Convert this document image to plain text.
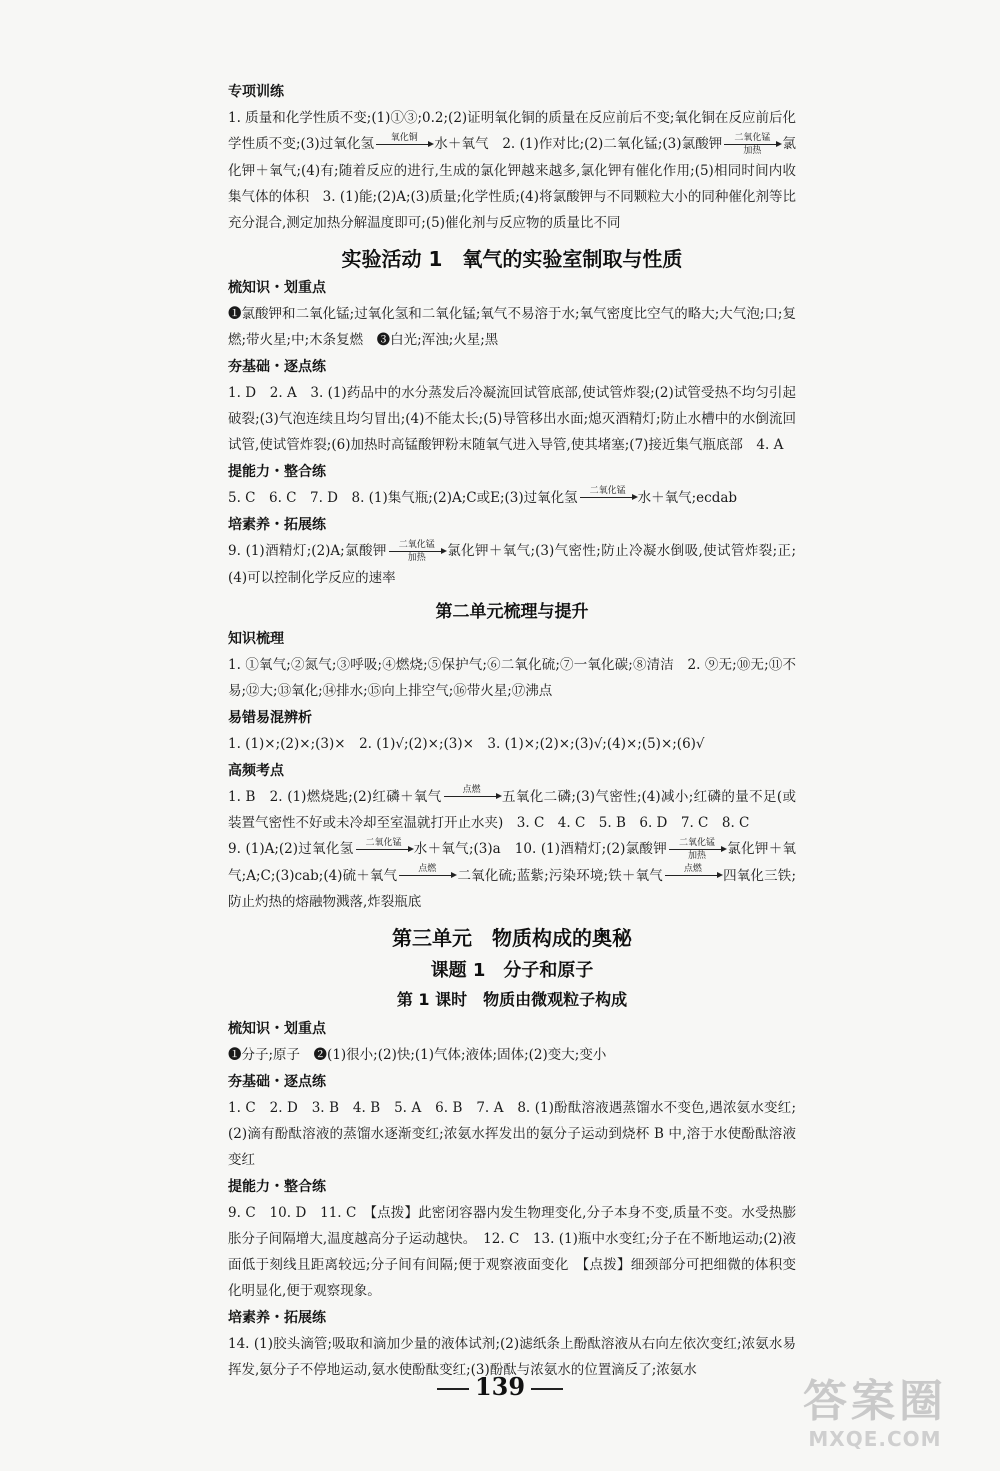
专项训练

1. 质量和化学性质不变;(1)①③;0.2;(2)证明氧化铜的质量在反应前后不变;氧化铜在反应前后化学性质不变;(3)过氧化氢	氧化铜	水＋氧气　2. (1)作对比;(2)二氧化锰;(3)氯酸钾	二氧化锰
加热	氯化钾＋氧气;(4)有;随着反应的进行,生成的氯化钾越来越多,氯化钾有催化作用;(5)相同时间内收集气体的体积　3. (1)能;(2)A;(3)质量;化学性质;(4)将氯酸钾与不同颗粒大小的同种催化剂等比充分混合,测定加热分解温度即可;(5)催化剂与反应物的质量比不同

实验活动 1　氧气的实验室制取与性质
梳知识・划重点

❶氯酸钾和二氧化锰;过氧化氢和二氧化锰;氧气不易溶于水;氧气密度比空气的略大;大气泡;口;复燃;带火星;中;木条复燃　❸白光;浑浊;火星;黑

夯基础・逐点练

1. D　2. A　3. (1)药品中的水分蒸发后冷凝流回试管底部,使试管炸裂;(2)试管受热不均匀引起破裂;(3)气泡连续且均匀冒出;(4)不能太长;(5)导管移出水面;熄灭酒精灯;防止水槽中的水倒流回试管,使试管炸裂;(6)加热时高锰酸钾粉末随氧气进入导管,使其堵塞;(7)接近集气瓶底部　4. A

提能力・整合练

5. C　6. C　7. D　8. (1)集气瓶;(2)A;C或E;(3)过氧化氢	二氧化锰 水＋氧气;ecdab

培素养・拓展练

9. (1)酒精灯;(2)A;氯酸钾	二氧化锰
加热	氯化钾＋氧气;(3)气密性;防止冷凝水倒吸,使试管炸裂;正;(4)可以控制化学反应的速率

第二单元梳理与提升
知识梳理

1. ①氧气;②氮气;③呼吸;④燃烧;⑤保护气;⑥二氧化硫;⑦一氧化碳;⑧清洁　2. ⑨无;⑩无;⑪不易;⑫大;⑬氧化;⑭排水;⑮向上排空气;⑯带火星;⑰沸点

易错易混辨析

1. (1)×;(2)×;(3)×　2. (1)√;(2)×;(3)×　3. (1)×;(2)×;(3)√;(4)×;(5)×;(6)√

高频考点

1. B　2. (1)燃烧匙;(2)红磷＋氧气	点燃	五氧化二磷;(3)气密性;(4)减小;红磷的量不足(或装置气密性不好或未冷却至室温就打开止水夹)　3. C　4. C　5. B　6. D　7. C　8. C

9. (1)A;(2)过氧化氢	二氧化锰 水＋氧气;(3)a　10. (1)酒精灯;(2)氯酸钾	二氧化锰
加热	氯化钾＋氧气;A;C;(3)cab;(4)硫＋氧气	点燃	二氧化硫;蓝紫;污染环境;铁＋氧气	点燃	四氧化三铁;防止灼热的熔融物溅落,炸裂瓶底

第三单元　物质构成的奥秘
课题 1　分子和原子
第 1 课时　物质由微观粒子构成
梳知识・划重点

❶分子;原子　❷(1)很小;(2)快;(1)气体;液体;固体;(2)变大;变小

夯基础・逐点练

1. C　2. D　3. B　4. B　5. A　6. B　7. A　8. (1)酚酞溶液遇蒸馏水不变色,遇浓氨水变红;(2)滴有酚酞溶液的蒸馏水逐渐变红;浓氨水挥发出的氨分子运动到烧杯 B 中,溶于水使酚酞溶液变红

提能力・整合练

9. C　10. D　11. C　【点拨】此密闭容器内发生物理变化,分子本身不变,质量不变。水受热膨胀分子间隔增大,温度越高分子运动越快。　12. C　13. (1)瓶中水变红;分子在不断地运动;(2)液面低于刻线且距离较远;分子间有间隔;便于观察液面变化　【点拨】细颈部分可把细微的体积变化明显化,便于观察现象。

培素养・拓展练

14. (1)胶头滴管;吸取和滴加少量的液体试剂;(2)滤纸条上酚酞溶液从右向左依次变红;浓氨水易挥发,氨分子不停地运动,氨水使酚酞变红;(3)酚酞与浓氨水的位置滴反了;浓氨水

139	答案圈
MXQE.COM
